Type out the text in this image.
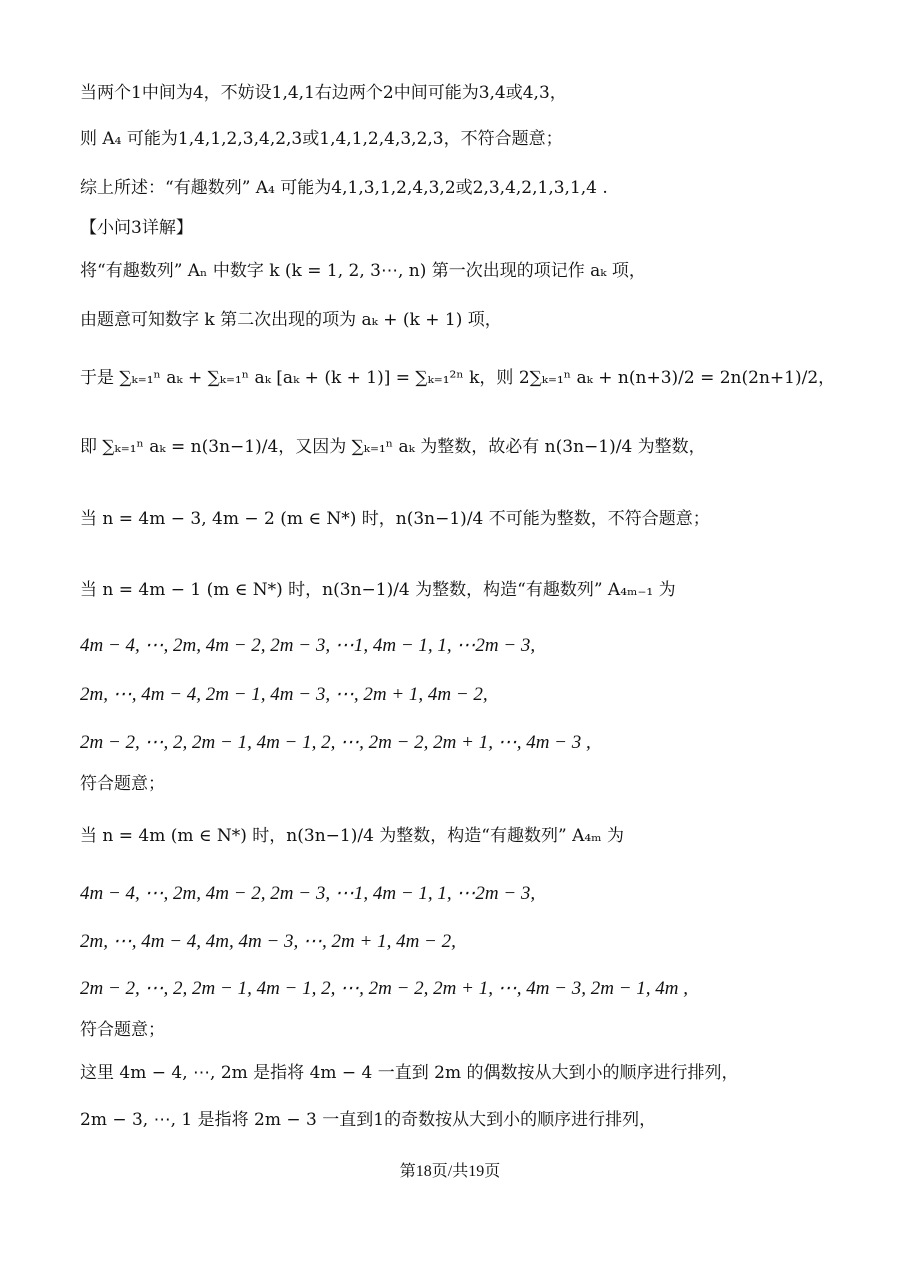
当两个1中间为4，不妨设1,4,1右边两个2中间可能为3,4或4,3，
则 A₄ 可能为1,4,1,2,3,4,2,3或1,4,1,2,4,3,2,3，不符合题意；
综上所述：“有趣数列” A₄ 可能为4,1,3,1,2,4,3,2或2,3,4,2,1,3,1,4 .
【小问3详解】
将“有趣数列” Aₙ 中数字 k (k = 1, 2, 3⋯, n) 第一次出现的项记作 aₖ 项，
由题意可知数字 k 第二次出现的项为 aₖ + (k + 1) 项，
于是 ∑ₖ₌₁ⁿ aₖ + ∑ₖ₌₁ⁿ aₖ [aₖ + (k + 1)] = ∑ₖ₌₁²ⁿ k，则 2∑ₖ₌₁ⁿ aₖ + n(n+3)/2 = 2n(2n+1)/2，
即 ∑ₖ₌₁ⁿ aₖ = n(3n−1)/4，又因为 ∑ₖ₌₁ⁿ aₖ 为整数，故必有 n(3n−1)/4 为整数，
当 n = 4m − 3, 4m − 2 (m ∈ N*) 时，n(3n−1)/4 不可能为整数，不符合题意；
当 n = 4m − 1 (m ∈ N*) 时，n(3n−1)/4 为整数，构造“有趣数列” A₄ₘ₋₁ 为
4m − 4, ⋯, 2m, 4m − 2, 2m − 3, ⋯1, 4m − 1, 1, ⋯2m − 3,
2m, ⋯, 4m − 4, 2m − 1, 4m − 3, ⋯, 2m + 1, 4m − 2,
2m − 2, ⋯, 2, 2m − 1, 4m − 1, 2, ⋯, 2m − 2, 2m + 1, ⋯, 4m − 3 ,
符合题意；
当 n = 4m (m ∈ N*) 时，n(3n−1)/4 为整数，构造“有趣数列” A₄ₘ 为
4m − 4, ⋯, 2m, 4m − 2, 2m − 3, ⋯1, 4m − 1, 1, ⋯2m − 3,
2m, ⋯, 4m − 4, 4m, 4m − 3, ⋯, 2m + 1, 4m − 2,
2m − 2, ⋯, 2, 2m − 1, 4m − 1, 2, ⋯, 2m − 2, 2m + 1, ⋯, 4m − 3, 2m − 1, 4m ,
符合题意；
这里 4m − 4, ⋯, 2m 是指将 4m − 4 一直到 2m 的偶数按从大到小的顺序进行排列，
2m − 3, ⋯, 1 是指将 2m − 3 一直到1的奇数按从大到小的顺序进行排列，
第18页/共19页
